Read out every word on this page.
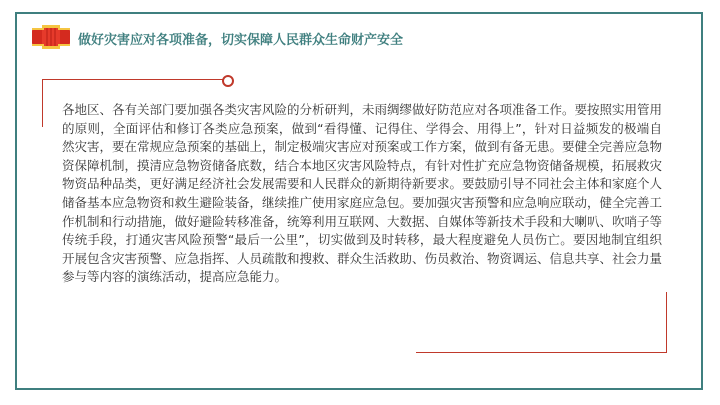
做好灾害应对各项准备，切实保障人民群众生命财产安全

各地区、各有关部门要加强各类灾害风险的分析研判，未雨绸缪做好防范应对各项准备工作。要按照实用管用的原则，全面评估和修订各类应急预案，做到“看得懂、记得住、学得会、用得上”，针对日益频发的极端自然灾害，要在常规应急预案的基础上，制定极端灾害应对预案或工作方案，做到有备无患。要健全完善应急物资保障机制，摸清应急物资储备底数，结合本地区灾害风险特点，有针对性扩充应急物资储备规模，拓展救灾物资品种品类，更好满足经济社会发展需要和人民群众的新期待新要求。要鼓励引导不同社会主体和家庭个人储备基本应急物资和救生避险装备，继续推广使用家庭应急包。要加强灾害预警和应急响应联动，健全完善工作机制和行动措施，做好避险转移准备，统筹利用互联网、大数据、自媒体等新技术手段和大喇叭、吹哨子等传统手段，打通灾害风险预警“最后一公里”，切实做到及时转移，最大程度避免人员伤亡。要因地制宜组织开展包含灾害预警、应急指挥、人员疏散和搜救、群众生活救助、伤员救治、物资调运、信息共享、社会力量参与等内容的演练活动，提高应急能力。
